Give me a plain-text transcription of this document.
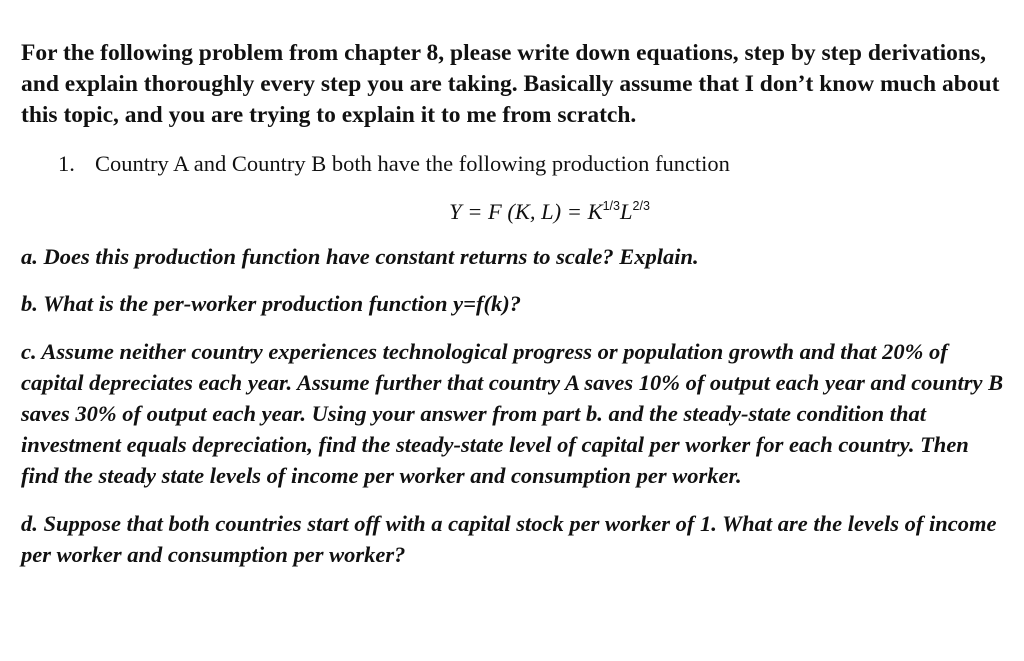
For the following problem from chapter 8, please write down equations, step by step derivations, and explain thoroughly every step you are taking. Basically assume that I don’t know much about this topic, and you are trying to explain it to me from scratch.

1. Country A and Country B both have the following production function
Y = F (K, $L) = K^{1/3}L^{2/3}$

a. Does this production function have constant returns to scale? Explain.

b. What is the per-worker production function y=f(k)?

c. Assume neither country experiences technological progress or population growth and that 20% of capital depreciates each year. Assume further that country A saves 10% of output each year and country B saves 30% of output each year. Using your answer from part b. and the steady-state condition that investment equals depreciation, find the steady-state level of capital per worker for each country. Then find the steady state levels of income per worker and consumption per worker.

d. Suppose that both countries start off with a capital stock per worker of 1. What are the levels of income per worker and consumption per worker?
